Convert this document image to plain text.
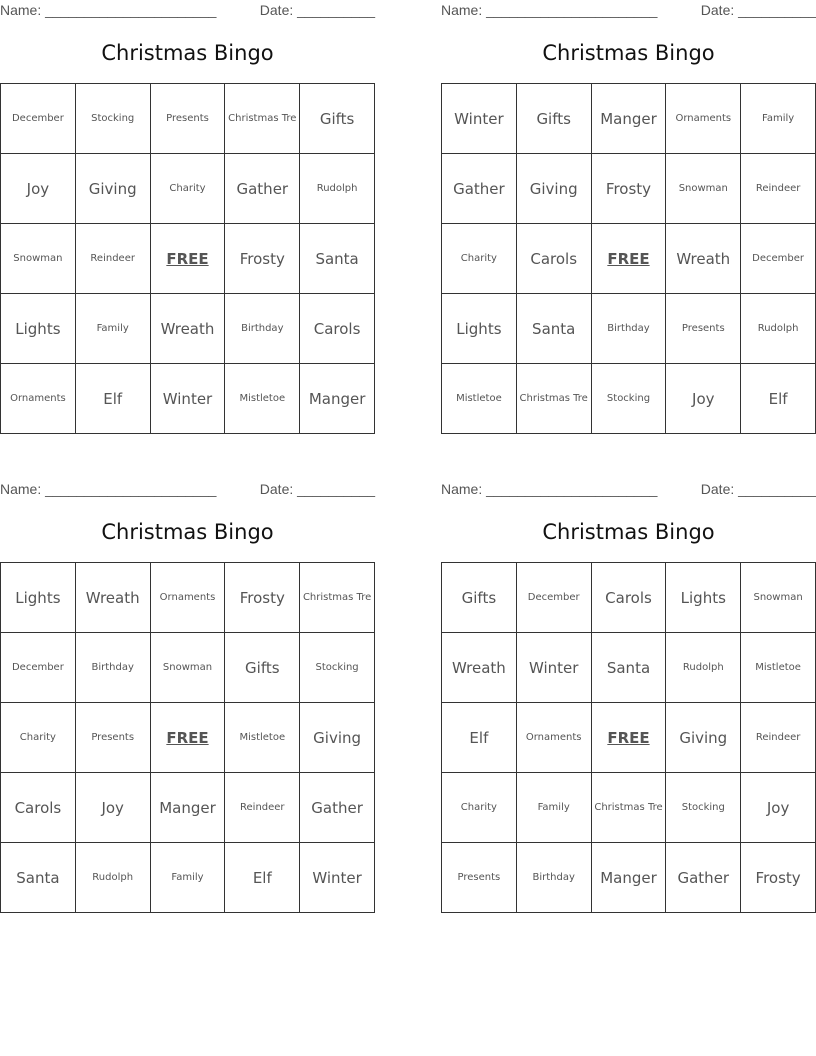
Name: ______________________	Date: __________
Christmas Bingo
December	Stocking	Presents	Christmas Tre	Gifts
Joy	Giving	Charity	Gather	Rudolph
Snowman	Reindeer	FREE	Frosty	Santa
Lights	Family	Wreath	Birthday	Carols
Ornaments	Elf	Winter	Mistletoe	Manger
Name: ______________________	Date: __________
Christmas Bingo
Winter	Gifts	Manger	Ornaments	Family
Gather	Giving	Frosty	Snowman	Reindeer
Charity	Carols	FREE	Wreath	December
Lights	Santa	Birthday	Presents	Rudolph
Mistletoe	Christmas Tre	Stocking	Joy	Elf
Name: ______________________	Date: __________
Christmas Bingo
Lights	Wreath	Ornaments	Frosty	Christmas Tre
December	Birthday	Snowman	Gifts	Stocking
Charity	Presents	FREE	Mistletoe	Giving
Carols	Joy	Manger	Reindeer	Gather
Santa	Rudolph	Family	Elf	Winter
Name: ______________________	Date: __________
Christmas Bingo
Gifts	December	Carols	Lights	Snowman
Wreath	Winter	Santa	Rudolph	Mistletoe
Elf	Ornaments	FREE	Giving	Reindeer
Charity	Family	Christmas Tre	Stocking	Joy
Presents	Birthday	Manger	Gather	Frosty
